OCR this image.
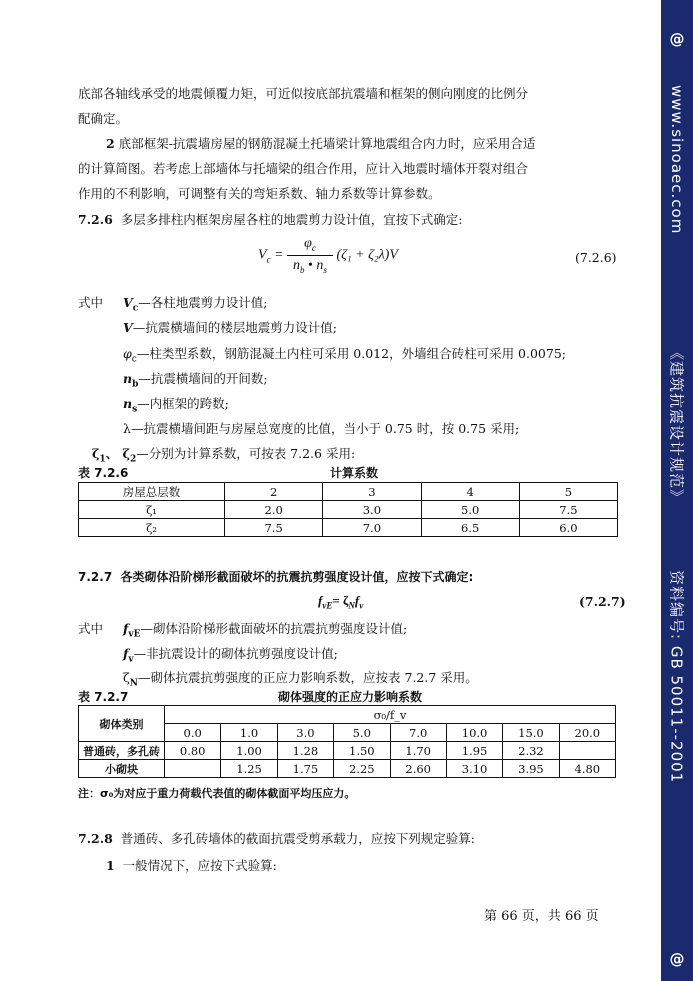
@
www.sinoaec.com
《建筑抗震设计规范》
资料编号: GB 50011--2001
@
底部各轴线承受的地震倾覆力矩，可近似按底部抗震墙和框架的侧向刚度的比例分
配确定。
2 底部框架-抗震墙房屋的钢筋混凝土托墙梁计算地震组合内力时，应采用合适
的计算简图。若考虑上部墙体与托墙梁的组合作用，应计入地震时墙体开裂对组合
作用的不利影响，可调整有关的弯矩系数、轴力系数等计算参数。
7.2.6 多层多排柱内框架房屋各柱的地震剪力设计值，宜按下式确定:
$V_c = \frac{\varphi_c}{n_b • n_s} (\zeta_1 + \zeta_2\lambda)V$	(7.2.6)
式中 $V_c—$各柱地震剪力设计值;
V—抗震横墙间的楼层地震剪力设计值;
$\varphi_c—$柱类型系数，钢筋混凝土内柱可采用 0.012，外墙组合砖柱可采用 0.0075;
$n_b—$抗震横墙间的开间数;
$n_s—$内框架的跨数;
λ—抗震横墙间距与房屋总宽度的比值，当小于 0.75 时，按 0.75 采用;
$\zeta_1$、 $\zeta_2—$分别为计算系数，可按表 7.2.6 采用:
表 7.2.6	计算系数
房屋总层数	2	3	4	5
ζ₁	2.0	3.0	5.0	7.5
ζ₂	7.5	7.0	6.5	6.0
7.2.7 各类砌体沿阶梯形截面破坏的抗震抗剪强度设计值，应按下式确定:
$f_{vE}= \zeta_Nf_v$	(7.2.7)
式中 $f_{vE}—$砌体沿阶梯形截面破坏的抗震抗剪强度设计值;
$f_v—$非抗震设计的砌体抗剪强度设计值;
$\zeta_N—$砌体抗震抗剪强度的正应力影响系数，应按表 7.2.7 采用。
表 7.2.7	砌体强度的正应力影响系数
砌体类别	σ₀/f_v							
	0.0	1.0	3.0	5.0	7.0	10.0	15.0	20.0
普通砖，多孔砖	0.80	1.00	1.28	1.50	1.70	1.95	2.32	
小砌块		1.25	1.75	2.25	2.60	3.10	3.95	4.80
注：σ₀为对应于重力荷载代表值的砌体截面平均压应力。
7.2.8 普通砖、多孔砖墙体的截面抗震受剪承载力，应按下列规定验算:
1 一般情况下，应按下式验算:
第 66 页，共 66 页
